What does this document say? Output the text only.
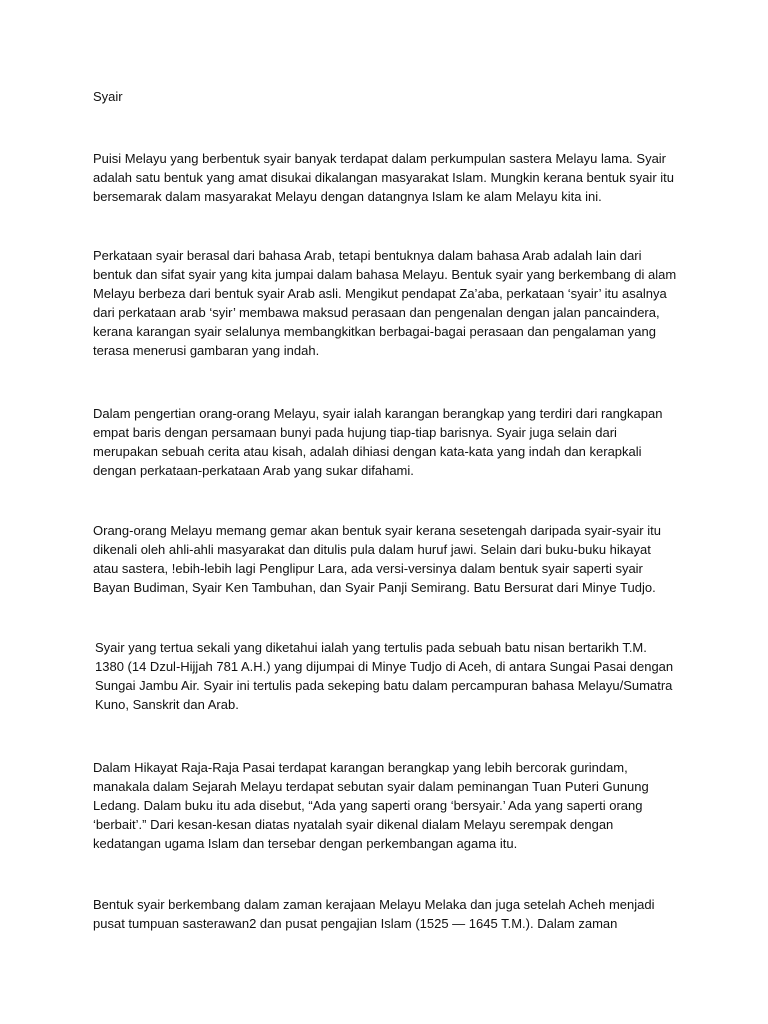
Syair

Puisi Melayu yang berbentuk syair banyak terdapat dalam perkumpulan sastera Melayu lama. Syair
adalah satu bentuk yang amat disukai dikalangan masyarakat Islam. Mungkin kerana bentuk syair itu
bersemarak dalam masyarakat Melayu dengan datangnya Islam ke alam Melayu kita ini.

Perkataan syair berasal dari bahasa Arab, tetapi bentuknya dalam bahasa Arab adalah lain dari
bentuk dan sifat syair yang kita jumpai dalam bahasa Melayu. Bentuk syair yang berkembang di alam
Melayu berbeza dari bentuk syair Arab asli. Mengikut pendapat Za’aba, perkataan ‘syair’ itu asalnya
dari perkataan arab ‘syir’ membawa maksud perasaan dan pengenalan dengan jalan pancaindera,
kerana karangan syair selalunya membangkitkan berbagai-bagai perasaan dan pengalaman yang
terasa menerusi gambaran yang indah.

Dalam pengertian orang-orang Melayu, syair ialah karangan berangkap yang terdiri dari rangkapan
empat baris dengan persamaan bunyi pada hujung tiap-tiap barisnya. Syair juga selain dari
merupakan sebuah cerita atau kisah, adalah dihiasi dengan kata-kata yang indah dan kerapkali
dengan perkataan-perkataan Arab yang sukar difahami.

Orang-orang Melayu memang gemar akan bentuk syair kerana sesetengah daripada syair-syair itu
dikenali oleh ahli-ahli masyarakat dan ditulis pula dalam huruf jawi. Selain dari buku-buku hikayat
atau sastera, !ebih-lebih lagi Penglipur Lara, ada versi-versinya dalam bentuk syair saperti syair
Bayan Budiman, Syair Ken Tambuhan, dan Syair Panji Semirang. Batu Bersurat dari Minye Tudjo.

Syair yang tertua sekali yang diketahui ialah yang tertulis pada sebuah batu nisan bertarikh T.M.
1380 (14 Dzul-Hijjah 781 A.H.) yang dijumpai di Minye Tudjo di Aceh, di antara Sungai Pasai dengan
Sungai Jambu Air. Syair ini tertulis pada sekeping batu dalam percampuran bahasa Melayu/Sumatra
Kuno, Sanskrit dan Arab.

Dalam Hikayat Raja-Raja Pasai terdapat karangan berangkap yang lebih bercorak gurindam,
manakala dalam Sejarah Melayu terdapat sebutan syair dalam peminangan Tuan Puteri Gunung
Ledang. Dalam buku itu ada disebut, “Ada yang saperti orang ‘bersyair.’ Ada yang saperti orang
‘berbait’.” Dari kesan-kesan diatas nyatalah syair dikenal dialam Melayu serempak dengan
kedatangan ugama Islam dan tersebar dengan perkembangan agama itu.

Bentuk syair berkembang dalam zaman kerajaan Melayu Melaka dan juga setelah Acheh menjadi
pusat tumpuan sasterawan2 dan pusat pengajian Islam (1525 — 1645 T.M.). Dalam zaman
